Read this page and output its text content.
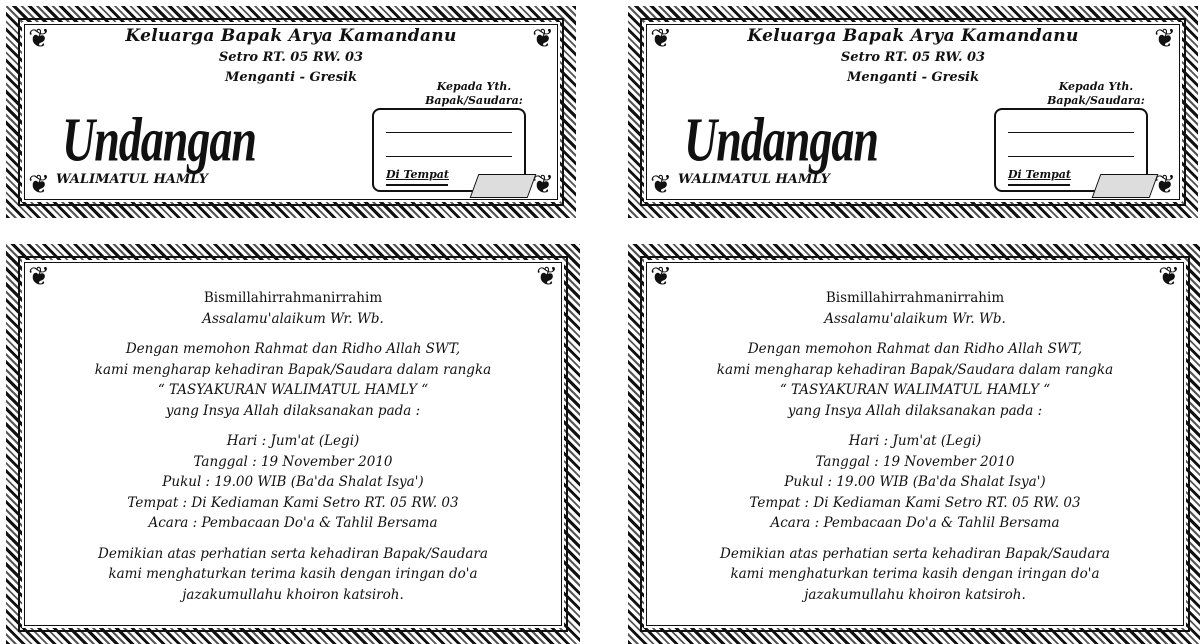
❦	❦
❦	❦
Keluarga Bapak Arya Kamandanu
Setro RT. 05 RW. 03
Menganti - Gresik
Undangan
WALIMATUL HAMLY
Kepada Yth.
Bapak/Saudara:
Di Tempat
❦	❦
❦	❦
Keluarga Bapak Arya Kamandanu
Setro RT. 05 RW. 03
Menganti - Gresik
Undangan
WALIMATUL HAMLY
Kepada Yth.
Bapak/Saudara:
Di Tempat
❦	❦
Bismillahirrahmanirrahim
Assalamu'alaikum Wr. Wb.
Dengan memohon Rahmat dan Ridho Allah SWT,
kami mengharap kehadiran Bapak/Saudara dalam rangka
“ TASYAKURAN WALIMATUL HAMLY “
yang Insya Allah dilaksanakan pada :
Hari : Jum'at (Legi)
Tanggal : 19 November 2010
Pukul : 19.00 WIB (Ba'da Shalat Isya')
Tempat : Di Kediaman Kami Setro RT. 05 RW. 03
Acara : Pembacaan Do'a & Tahlil Bersama
Demikian atas perhatian serta kehadiran Bapak/Saudara
kami menghaturkan terima kasih dengan iringan do'a
jazakumullahu khoiron katsiroh.
❦	❦
Bismillahirrahmanirrahim
Assalamu'alaikum Wr. Wb.
Dengan memohon Rahmat dan Ridho Allah SWT,
kami mengharap kehadiran Bapak/Saudara dalam rangka
“ TASYAKURAN WALIMATUL HAMLY “
yang Insya Allah dilaksanakan pada :
Hari : Jum'at (Legi)
Tanggal : 19 November 2010
Pukul : 19.00 WIB (Ba'da Shalat Isya')
Tempat : Di Kediaman Kami Setro RT. 05 RW. 03
Acara : Pembacaan Do'a & Tahlil Bersama
Demikian atas perhatian serta kehadiran Bapak/Saudara
kami menghaturkan terima kasih dengan iringan do'a
jazakumullahu khoiron katsiroh.
